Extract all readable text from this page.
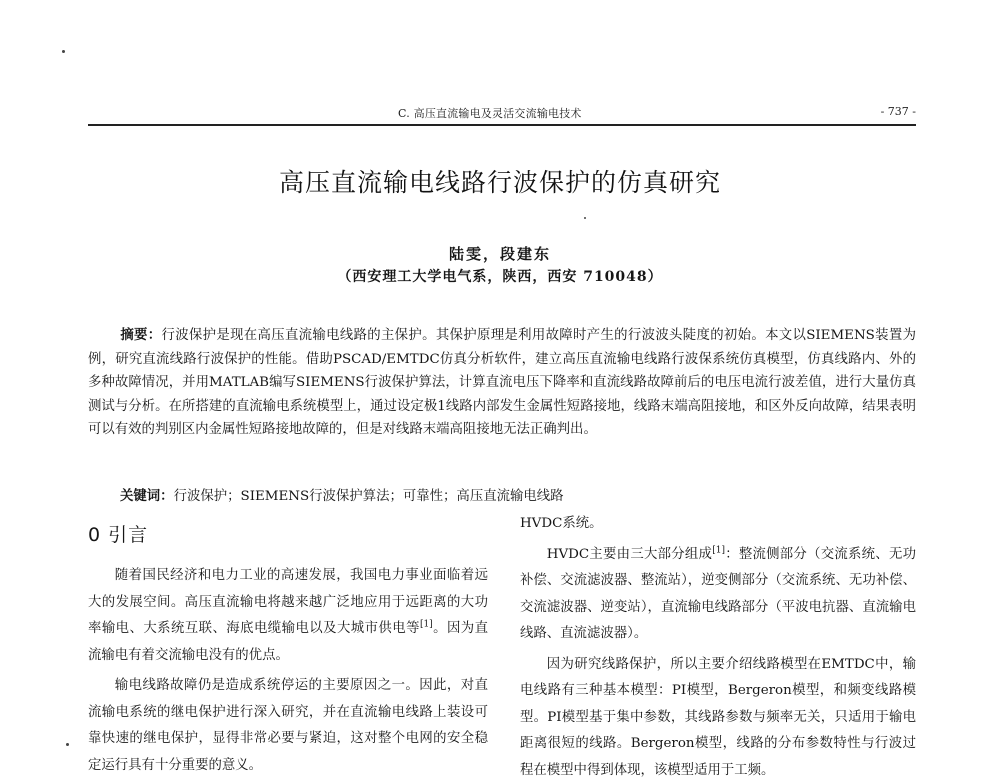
C. 高压直流输电及灵活交流输电技术	- 737 -
高压直流输电线路行波保护的仿真研究
陆雯，段建东
（西安理工大学电气系，陕西，西安 710048）
摘要：行波保护是现在高压直流输电线路的主保护。其保护原理是利用故障时产生的行波波头陡度的初始。本文以SIEMENS装置为例，研究直流线路行波保护的性能。借助PSCAD/EMTDC仿真分析软件，建立高压直流输电线路行波保系统仿真模型，仿真线路内、外的多种故障情况，并用MATLAB编写SIEMENS行波保护算法，计算直流电压下降率和直流线路故障前后的电压电流行波差值，进行大量仿真测试与分析。在所搭建的直流输电系统模型上，通过设定极1线路内部发生金属性短路接地，线路末端高阻接地，和区外反向故障，结果表明可以有效的判别区内金属性短路接地故障的，但是对线路末端高阻接地无法正确判出。
关键词：行波保护；SIEMENS行波保护算法；可靠性；高压直流输电线路
0 引言

随着国民经济和电力工业的高速发展，我国电力事业面临着远大的发展空间。高压直流输电将越来越广泛地应用于远距离的大功率输电、大系统互联、海底电缆输电以及大城市供电等[1]。因为直流输电有着交流输电没有的优点。

输电线路故障仍是造成系统停运的主要原因之一。因此，对直流输电系统的继电保护进行深入研究，并在直流输电线路上装设可靠快速的继电保护，显得非常必要与紧迫，这对整个电网的安全稳定运行具有十分重要的意义。

HVDC系统。

HVDC主要由三大部分组成[1]：整流侧部分（交流系统、无功补偿、交流滤波器、整流站），逆变侧部分（交流系统、无功补偿、交流滤波器、逆变站），直流输电线路部分（平波电抗器、直流输电线路、直流滤波器）。

因为研究线路保护，所以主要介绍线路模型在EMTDC中，输电线路有三种基本模型：PI模型，Bergeron模型，和频变线路模型。PI模型基于集中参数，其线路参数与频率无关，只适用于输电距离很短的线路。Bergeron模型，线路的分布参数特性与行波过程在模型中得到体现，该模型适用于工频。
